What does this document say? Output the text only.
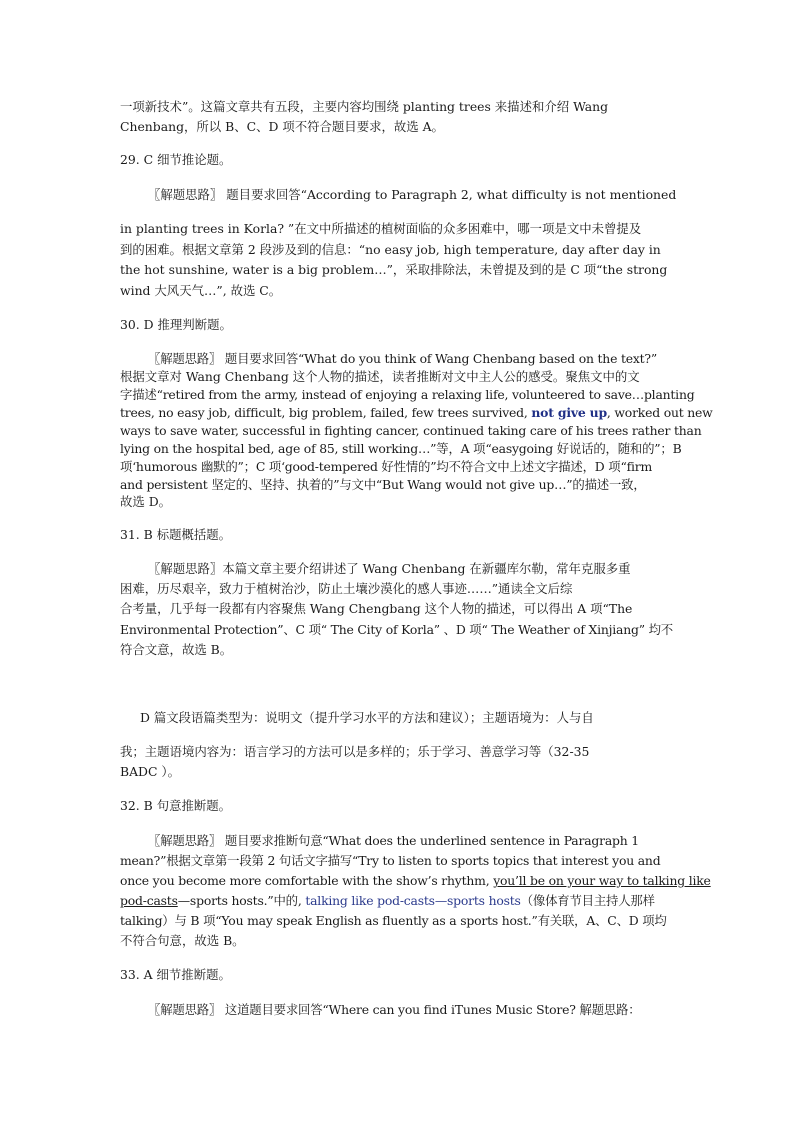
一项新技术”。这篇文章共有五段，主要内容均围绕 planting trees 来描述和介绍 Wang
Chenbang，所以 B、C、D 项不符合题目要求，故选 A。
29. C 细节推论题。
〖解题思路〗 题目要求回答“According to Paragraph 2, what difficulty is not mentioned
in planting trees in Korla? ”在文中所描述的植树面临的众多困难中，哪一项是文中未曾提及
到的困难。根据文章第 2 段涉及到的信息：“no easy job, high temperature, day after day in
the hot sunshine, water is a big problem…”，采取排除法，未曾提及到的是 C 项“the strong
wind 大风天气…”, 故选 C。
30. D 推理判断题。
〖解题思路〗 题目要求回答“What do you think of Wang Chenbang based on the text?”
根据文章对 Wang Chenbang 这个人物的描述，读者推断对文中主人公的感受。聚焦文中的文
字描述“retired from the army, instead of enjoying a relaxing life, volunteered to save…planting
trees, no easy job, difficult, big problem, failed, few trees survived, not give up, worked out new
ways to save water, successful in fighting cancer, continued taking care of his trees rather than
lying on the hospital bed, age of 85, still working…”等，A 项“easygoing 好说话的，随和的”；B
项‘humorous 幽默的”；C 项‘good-tempered 好性情的”均不符合文中上述文字描述，D 项“firm
and persistent 坚定的、坚持、执着的”与文中“But Wang would not give up…”的描述一致，
故选 D。
31. B 标题概括题。
〖解题思路〗本篇文章主要介绍讲述了 Wang Chenbang 在新疆库尔勒，常年克服多重
困难，历尽艰辛，致力于植树治沙，防止土壤沙漠化的感人事迹……”通读全文后综
合考量，几乎每一段都有内容聚焦 Wang Chengbang 这个人物的描述，可以得出 A 项“The
Environmental Protection”、C 项“ The City of Korla” 、D 项“ The Weather of Xinjiang” 均不
符合文意，故选 B。
D 篇文段语篇类型为：说明文（提升学习水平的方法和建议）；主题语境为：人与自
我；主题语境内容为：语言学习的方法可以是多样的；乐于学习、善意学习等（32-35
BADC ）。
32. B 句意推断题。
〖解题思路〗 题目要求推断句意“What does the underlined sentence in Paragraph 1
mean?”根据文章第一段第 2 句话文字描写“Try to listen to sports topics that interest you and
once you become more comfortable with the show’s rhythm, you’ll be on your way to talking like
pod-casts—sports hosts.”中的, talking like pod-casts—sports hosts（像体育节目主持人那样
talking）与 B 项“You may speak English as fluently as a sports host.”有关联，A、C、D 项均
不符合句意，故选 B。
33. A 细节推断题。
〖解题思路〗 这道题目要求回答“Where can you find iTunes Music Store? 解题思路：
